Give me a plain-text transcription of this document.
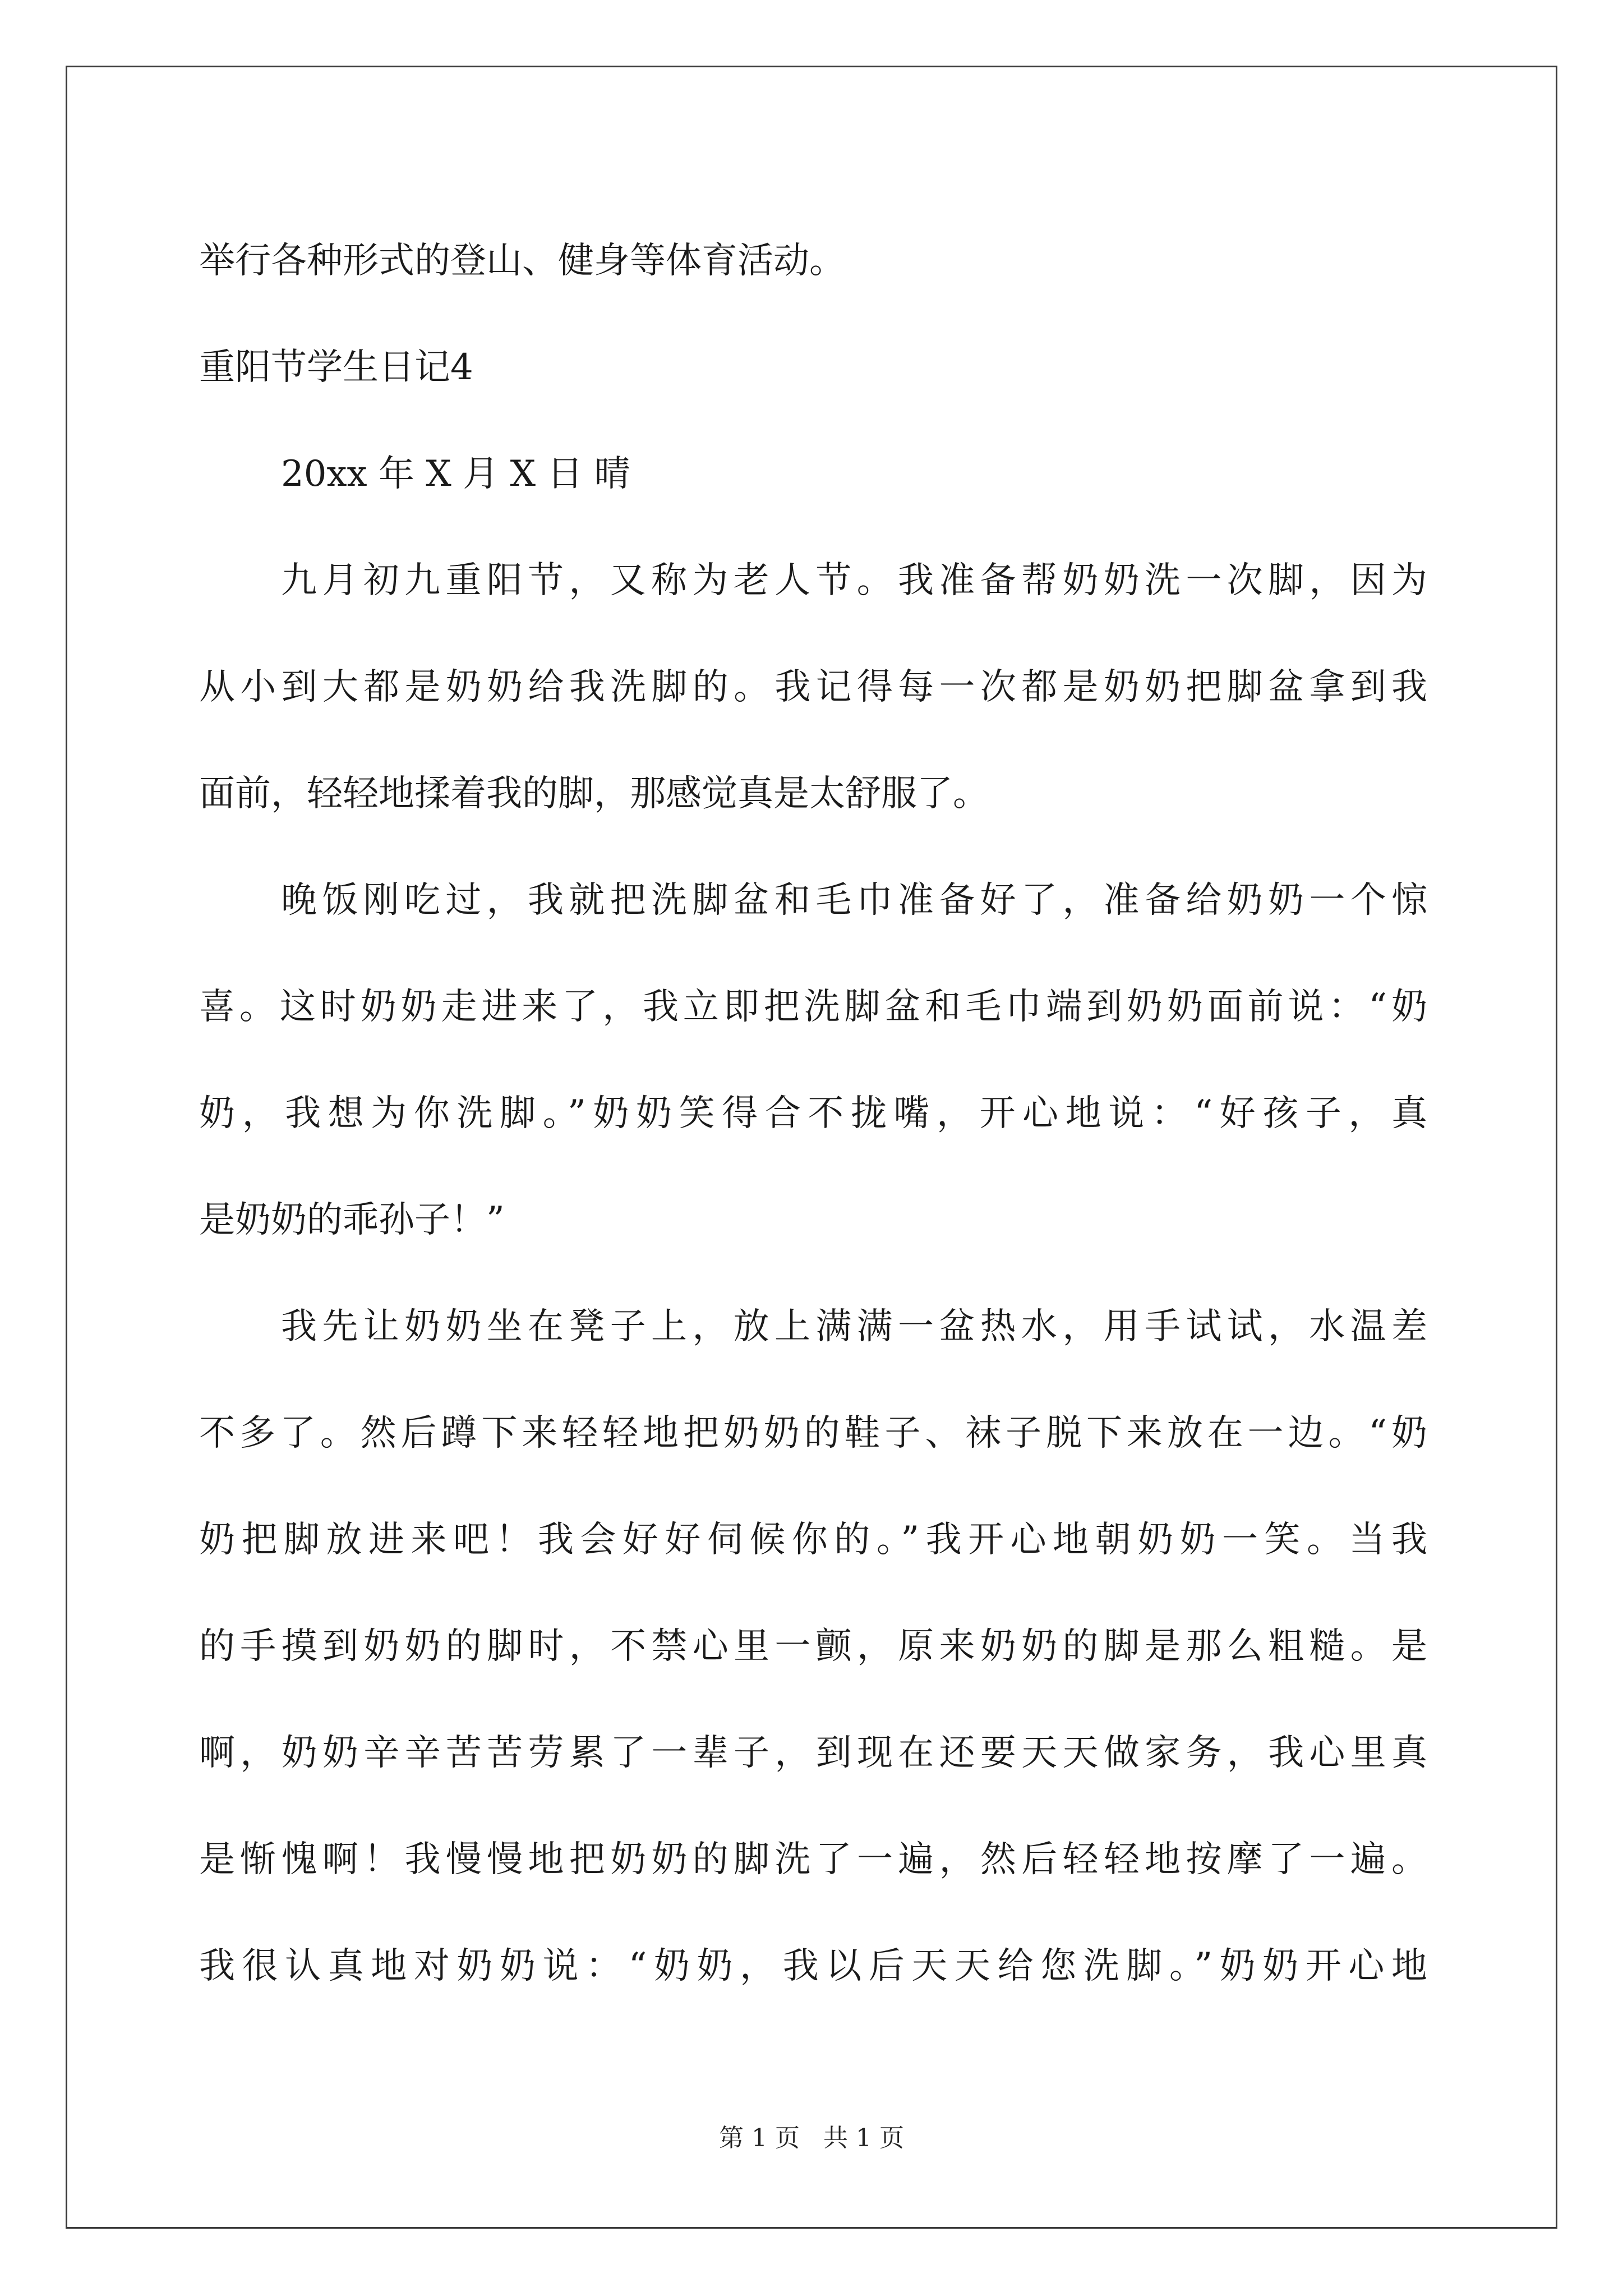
举行各种形式的登山、健身等体育活动。
重阳节学生日记4
20xx 年 X 月 X 日 晴
九月初九重阳节，又称为老人节。我准备帮奶奶洗一次脚，因为
从小到大都是奶奶给我洗脚的。我记得每一次都是奶奶把脚盆拿到我
面前，轻轻地揉着我的脚，那感觉真是太舒服了。
晚饭刚吃过，我就把洗脚盆和毛巾准备好了，准备给奶奶一个惊
喜。这时奶奶走进来了，我立即把洗脚盆和毛巾端到奶奶面前说：“奶
奶，我想为你洗脚。”奶奶笑得合不拢嘴，开心地说：“好孩子，真
是奶奶的乖孙子！”
我先让奶奶坐在凳子上，放上满满一盆热水，用手试试，水温差
不多了。然后蹲下来轻轻地把奶奶的鞋子、袜子脱下来放在一边。“奶
奶把脚放进来吧！我会好好伺候你的。”我开心地朝奶奶一笑。当我
的手摸到奶奶的脚时，不禁心里一颤，原来奶奶的脚是那么粗糙。是
啊，奶奶辛辛苦苦劳累了一辈子，到现在还要天天做家务，我心里真
是惭愧啊！我慢慢地把奶奶的脚洗了一遍，然后轻轻地按摩了一遍。
我很认真地对奶奶说：“奶奶，我以后天天给您洗脚。”奶奶开心地
第 1 页 共 1 页
